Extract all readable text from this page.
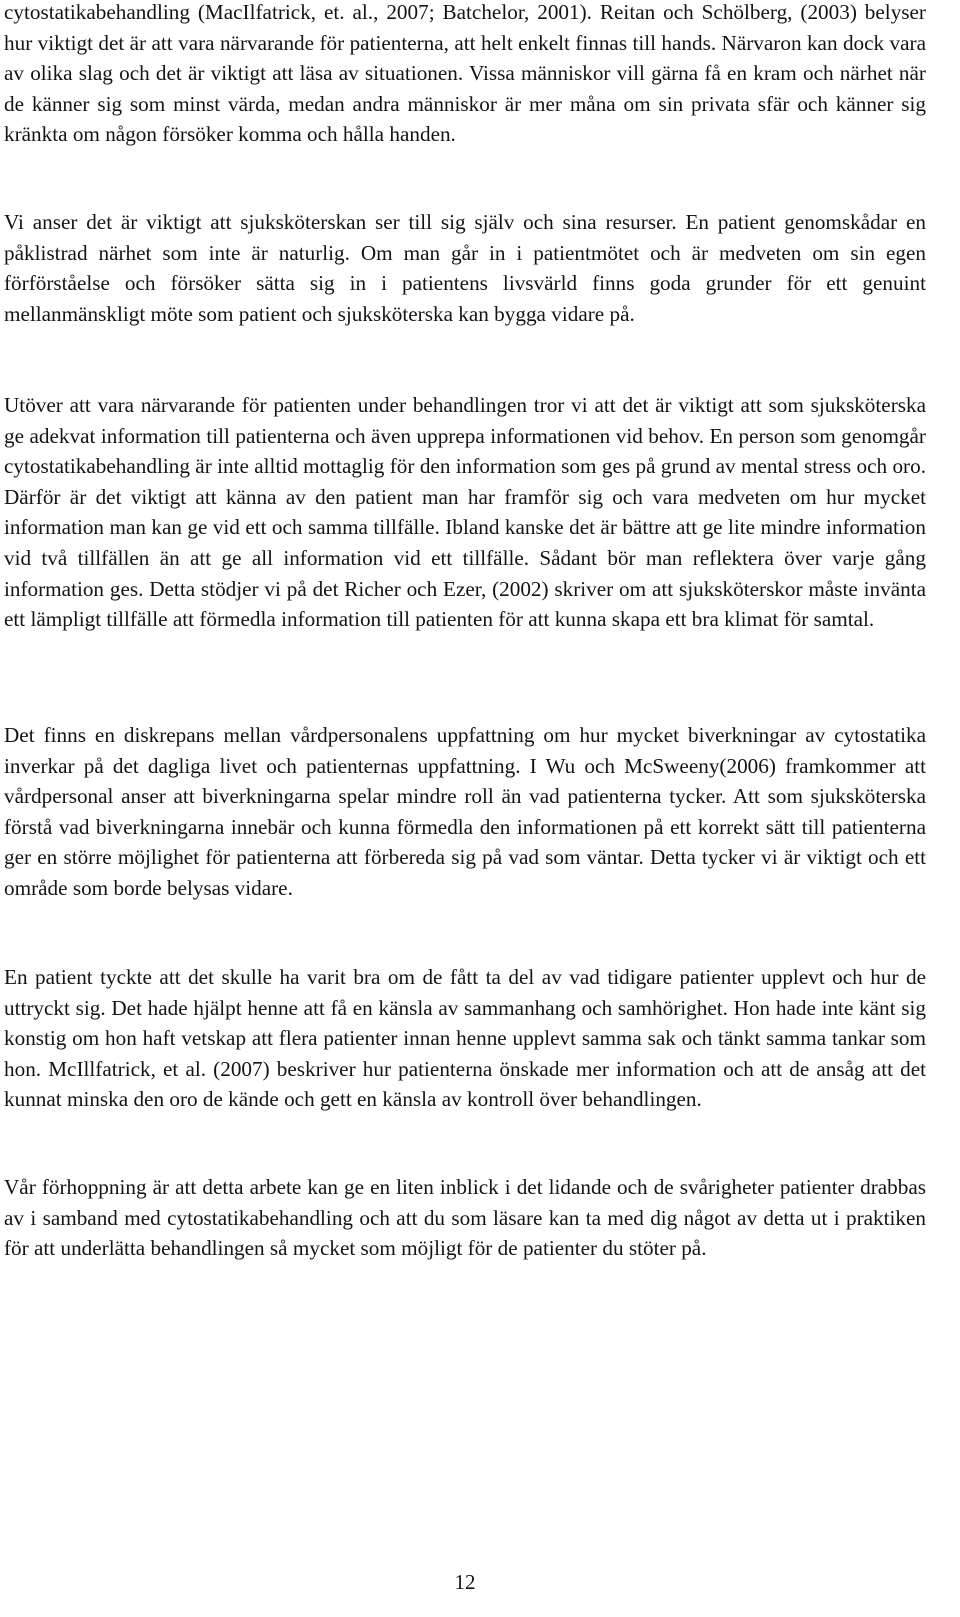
cytostatikabehandling (MacIlfatrick, et. al., 2007; Batchelor, 2001). Reitan och Schölberg, (2003) belyser hur viktigt det är att vara närvarande för patienterna, att helt enkelt finnas till hands. Närvaron kan dock vara av olika slag och det är viktigt att läsa av situationen. Vissa människor vill gärna få en kram och närhet när de känner sig som minst värda, medan andra människor är mer måna om sin privata sfär och känner sig kränkta om någon försöker komma och hålla handen.

Vi anser det är viktigt att sjuksköterskan ser till sig själv och sina resurser. En patient genomskådar en påklistrad närhet som inte är naturlig. Om man går in i patientmötet och är medveten om sin egen förförståelse och försöker sätta sig in i patientens livsvärld finns goda grunder för ett genuint mellanmänskligt möte som patient och sjuksköterska kan bygga vidare på.

Utöver att vara närvarande för patienten under behandlingen tror vi att det är viktigt att som sjuksköterska ge adekvat information till patienterna och även upprepa informationen vid behov. En person som genomgår cytostatikabehandling är inte alltid mottaglig för den information som ges på grund av mental stress och oro. Därför är det viktigt att känna av den patient man har framför sig och vara medveten om hur mycket information man kan ge vid ett och samma tillfälle. Ibland kanske det är bättre att ge lite mindre information vid två tillfällen än att ge all information vid ett tillfälle. Sådant bör man reflektera över varje gång information ges. Detta stödjer vi på det Richer och Ezer, (2002) skriver om att sjuksköterskor måste invänta ett lämpligt tillfälle att förmedla information till patienten för att kunna skapa ett bra klimat för samtal.

Det finns en diskrepans mellan vårdpersonalens uppfattning om hur mycket biverkningar av cytostatika inverkar på det dagliga livet och patienternas uppfattning. I Wu och McSweeny(2006) framkommer att vårdpersonal anser att biverkningarna spelar mindre roll än vad patienterna tycker. Att som sjuksköterska förstå vad biverkningarna innebär och kunna förmedla den informationen på ett korrekt sätt till patienterna ger en större möjlighet för patienterna att förbereda sig på vad som väntar. Detta tycker vi är viktigt och ett område som borde belysas vidare.

En patient tyckte att det skulle ha varit bra om de fått ta del av vad tidigare patienter upplevt och hur de uttryckt sig. Det hade hjälpt henne att få en känsla av sammanhang och samhörighet. Hon hade inte känt sig konstig om hon haft vetskap att flera patienter innan henne upplevt samma sak och tänkt samma tankar som hon. McIllfatrick, et al. (2007) beskriver hur patienterna önskade mer information och att de ansåg att det kunnat minska den oro de kände och gett en känsla av kontroll över behandlingen.

Vår förhoppning är att detta arbete kan ge en liten inblick i det lidande och de svårigheter patienter drabbas av i samband med cytostatikabehandling och att du som läsare kan ta med dig något av detta ut i praktiken för att underlätta behandlingen så mycket som möjligt för de patienter du stöter på.

12
